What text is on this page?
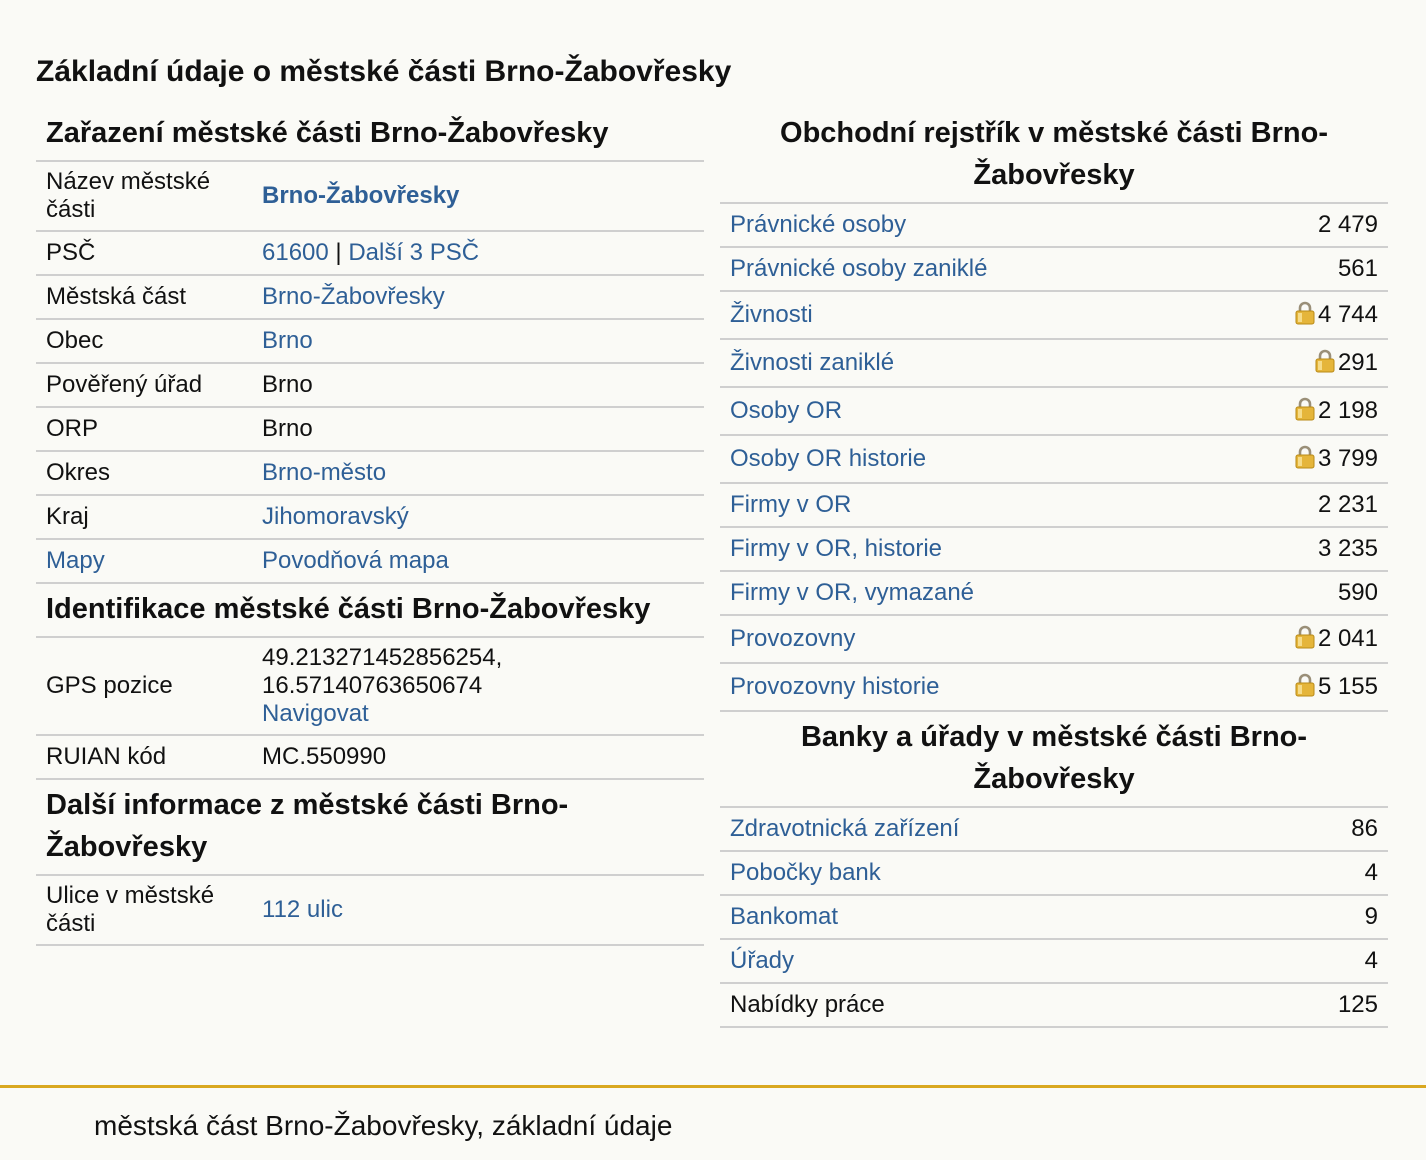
Základní údaje o městské části Brno-Žabovřesky
Zařazení městské části Brno-Žabovřesky
Název městské části	Brno-Žabovřesky
PSČ	61600 | Další 3 PSČ
Městská část	Brno-Žabovřesky
Obec	Brno
Pověřený úřad	Brno
ORP	Brno
Okres	Brno-město
Kraj	Jihomoravský
Mapy	Povodňová mapa
Identifikace městské části Brno-Žabovřesky
GPS pozice	49.213271452856254,
16.57140763650674
Navigovat
RUIAN kód	MC.550990
Další informace z městské části Brno-Žabovřesky
Ulice v městské části	112 ulic
Obchodní rejstřík v městské části Brno-Žabovřesky
Právnické osoby	2 479
Právnické osoby zaniklé	561
Živnosti	4 744
Živnosti zaniklé	291
Osoby OR	2 198
Osoby OR historie	3 799
Firmy v OR	2 231
Firmy v OR, historie	3 235
Firmy v OR, vymazané	590
Provozovny	2 041
Provozovny historie	5 155
Banky a úřady v městské části Brno-Žabovřesky
Zdravotnická zařízení	86
Pobočky bank	4
Bankomat	9
Úřady	4
Nabídky práce	125
městská část Brno-Žabovřesky, základní údaje
